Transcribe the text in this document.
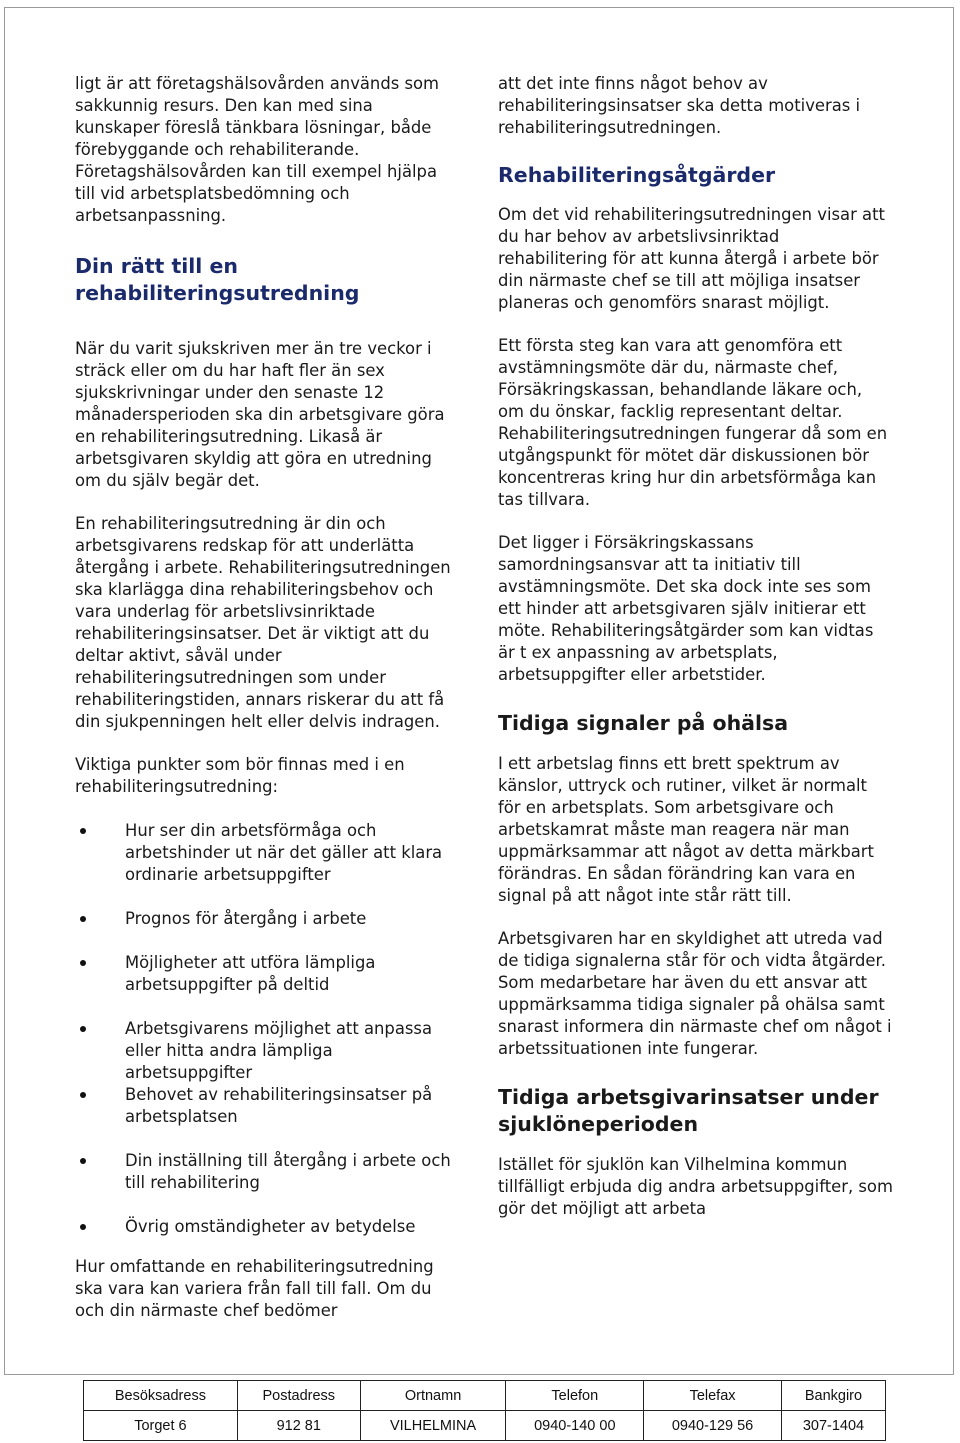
ligt är att företagshälsovården används som sakkunnig resurs. Den kan med sina kunskaper föreslå tänkbara lösningar, både förebyggande och rehabiliterande. Företagshälsovården kan till exempel hjälpa till vid arbetsplatsbedömning och arbetsanpassning.

Din rätt till en rehabiliteringsutredning

När du varit sjukskriven mer än tre veckor i sträck eller om du har haft fler än sex sjukskrivningar under den senaste 12 månadersperioden ska din arbetsgivare göra en rehabiliteringsutredning. Likaså är arbetsgivaren skyldig att göra en utredning om du själv begär det.

En rehabiliteringsutredning är din och arbetsgivarens redskap för att underlätta återgång i arbete. Rehabiliteringsutredningen ska klarlägga dina rehabiliteringsbehov och vara underlag för arbetslivsinriktade rehabiliteringsinsatser. Det är viktigt att du deltar aktivt, såväl under rehabiliteringsutredningen som under rehabiliteringstiden, annars riskerar du att få din sjukpenningen helt eller delvis indragen.

Viktiga punkter som bör finnas med i en rehabiliteringsutredning:

Hur ser din arbetsförmåga och arbetshinder ut när det gäller att klara ordinarie arbetsuppgifter
Prognos för återgång i arbete
Möjligheter att utföra lämpliga arbetsuppgifter på deltid
Arbetsgivarens möjlighet att anpassa eller hitta andra lämpliga arbetsuppgifter
Behovet av rehabiliteringsinsatser på arbetsplatsen
Din inställning till återgång i arbete och till rehabilitering
Övrig omständigheter av betydelse

Hur omfattande en rehabiliteringsutredning ska vara kan variera från fall till fall. Om du och din närmaste chef bedömer

att det inte finns något behov av rehabiliteringsinsatser ska detta motiveras i rehabiliteringsutredningen.

Rehabiliteringsåtgärder

Om det vid rehabiliteringsutredningen visar att du har behov av arbetslivsinriktad rehabilitering för att kunna återgå i arbete bör din närmaste chef se till att möjliga insatser planeras och genomförs snarast möjligt.

Ett första steg kan vara att genomföra ett avstämningsmöte där du, närmaste chef, Försäkringskassan, behandlande läkare och, om du önskar, facklig representant deltar. Rehabiliteringsutredningen fungerar då som en utgångspunkt för mötet där diskussionen bör koncentreras kring hur din arbetsförmåga kan tas tillvara.

Det ligger i Försäkringskassans samordningsansvar att ta initiativ till avstämningsmöte. Det ska dock inte ses som ett hinder att arbetsgivaren själv initierar ett möte. Rehabiliteringsåtgärder som kan vidtas är t ex anpassning av arbetsplats, arbetsuppgifter eller arbetstider.

Tidiga signaler på ohälsa

I ett arbetslag finns ett brett spektrum av känslor, uttryck och rutiner, vilket är normalt för en arbetsplats. Som arbetsgivare och arbetskamrat måste man reagera när man uppmärksammar att något av detta märkbart förändras. En sådan förändring kan vara en signal på att något inte står rätt till.

Arbetsgivaren har en skyldighet att utreda vad de tidiga signalerna står för och vidta åtgärder. Som medarbetare har även du ett ansvar att uppmärksamma tidiga signaler på ohälsa samt snarast informera din närmaste chef om något i arbetssituationen inte fungerar.

Tidiga arbetsgivarinsatser under sjuklöneperioden

Istället för sjuklön kan Vilhelmina kommun tillfälligt erbjuda dig andra arbetsuppgifter, som gör det möjligt att arbeta

Besöksadress	Postadress	Ortnamn	Telefon	Telefax	Bankgiro
Torget 6	912 81	VILHELMINA	0940-140 00	0940-129 56	307-1404
